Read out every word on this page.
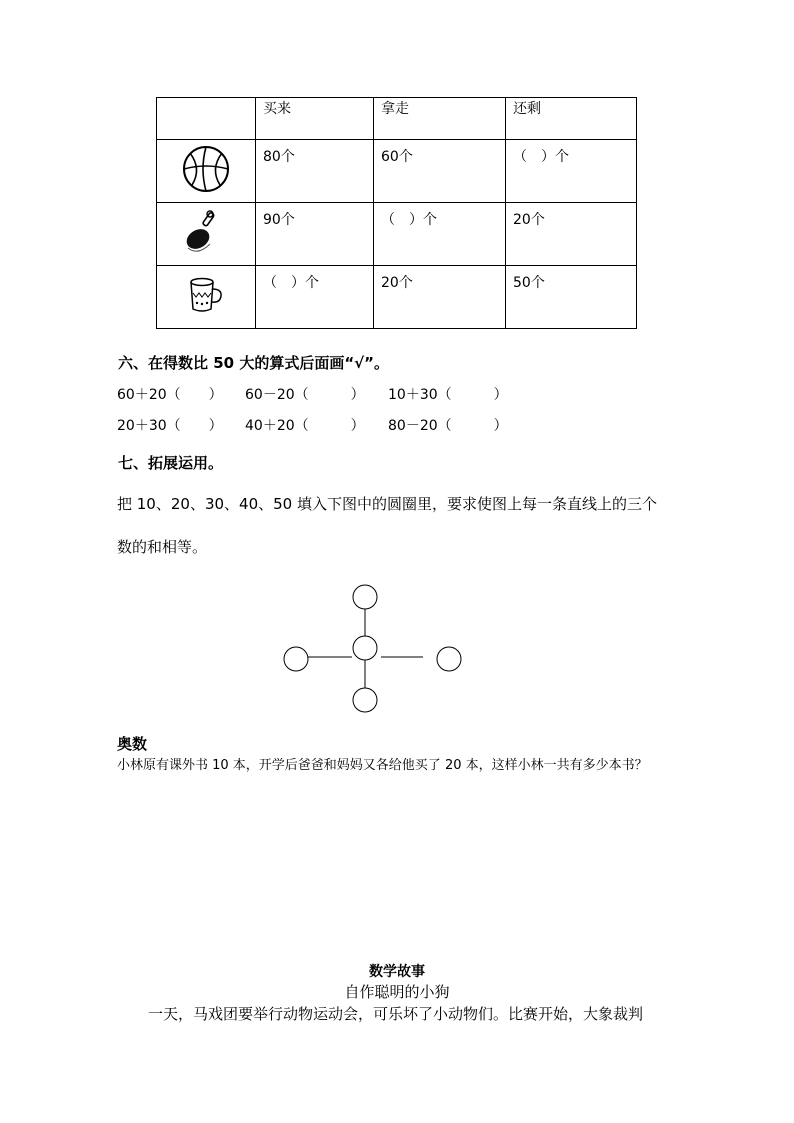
	买来	拿走	还剩
	80个	60个	（　）个
	90个	（　）个	20个
	（　）个	20个	50个
六、在得数比 50 大的算式后面画“√”。
60＋20（　　） 60－20（　　　） 10＋30（　　　）
20＋30（　　） 40＋20（　　　） 80－20（　　　）
七、拓展运用。
把 10、20、30、40、50 填入下图中的圆圈里，要求使图上每一条直线上的三个
数的和相等。
奥数
小林原有课外书 10 本，开学后爸爸和妈妈又各给他买了 20 本，这样小林一共有多少本书？
数学故事
自作聪明的小狗
一天，马戏团要举行动物运动会，可乐坏了小动物们。比赛开始，大象裁判
